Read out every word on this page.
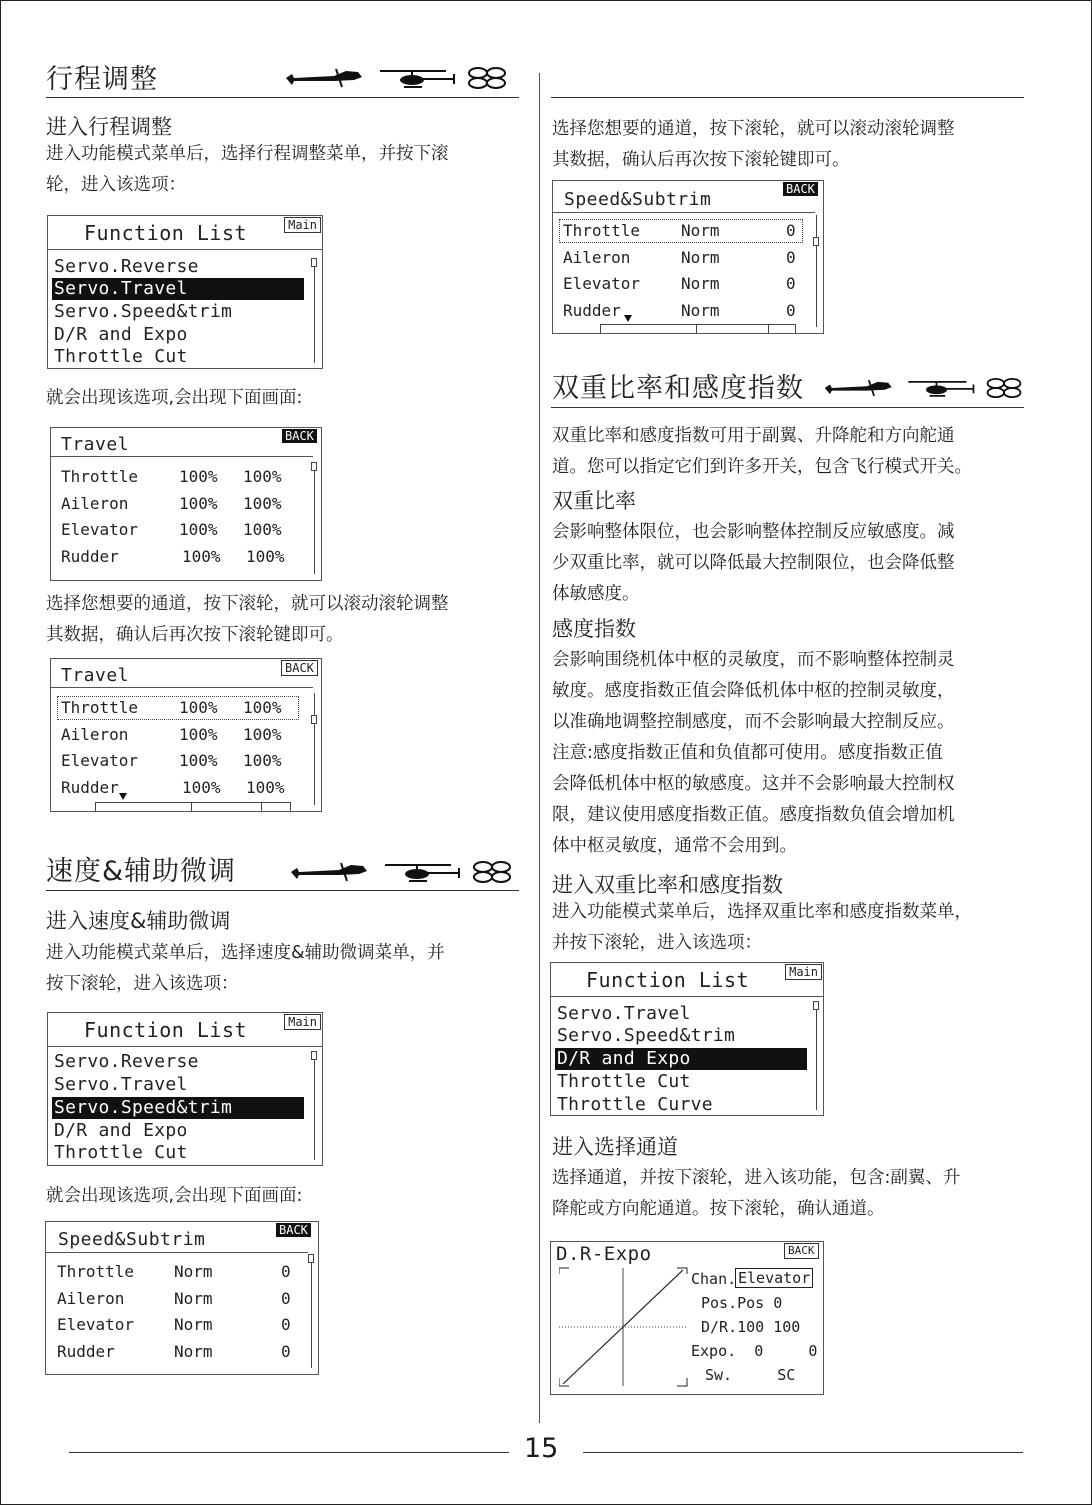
行程调整
进入行程调整
进入功能模式菜单后，选择行程调整菜单，并按下滚
轮，进入该选项：
Function List	Main
Servo.Reverse
Servo.Travel
Servo.Speed&trim
D/R and Expo
Throttle Cut
就会出现该选项,会出现下面画面:
Travel	BACK
Throttle	100% 100%
Aileron	100% 100%
Elevator	100% 100%
Rudder	100% 100%
选择您想要的通道，按下滚轮，就可以滚动滚轮调整
其数据，确认后再次按下滚轮键即可。
Travel	BACK
Throttle	100% 100%
Aileron	100% 100%
Elevator	100% 100%
Rudder	100% 100%
速度&辅助微调
进入速度&辅助微调
进入功能模式菜单后，选择速度&辅助微调菜单，并
按下滚轮，进入该选项：
Function List	Main
Servo.Reverse
Servo.Travel
Servo.Speed&trim
D/R and Expo
Throttle Cut
就会出现该选项,会出现下面画面:
Speed&Subtrim	BACK
Throttle Norm	0
Aileron	Norm	0
Elevator Norm	0
Rudder	Norm	0
选择您想要的通道，按下滚轮，就可以滚动滚轮调整
其数据，确认后再次按下滚轮键即可。
Speed&Subtrim	BACK
Throttle	Norm	0
Aileron	Norm	0
Elevator	Norm	0
Rudder	Norm	0
双重比率和感度指数
双重比率和感度指数可用于副翼、升降舵和方向舵通
道。您可以指定它们到许多开关，包含飞行模式开关。
双重比率
会影响整体限位，也会影响整体控制反应敏感度。减
少双重比率，就可以降低最大控制限位，也会降低整
体敏感度。
感度指数
会影响围绕机体中枢的灵敏度，而不影响整体控制灵
敏度。感度指数正值会降低机体中枢的控制灵敏度，
以准确地调整控制感度，而不会影响最大控制反应。
注意:感度指数正值和负值都可使用。感度指数正值
会降低机体中枢的敏感度。这并不会影响最大控制权
限，建议使用感度指数正值。感度指数负值会增加机
体中枢灵敏度，通常不会用到。
进入双重比率和感度指数
进入功能模式菜单后，选择双重比率和感度指数菜单，
并按下滚轮，进入该选项：
Function List	Main
Servo.Travel
Servo.Speed&trim
D/R and Expo
Throttle Cut
Throttle Curve
进入选择通道
选择通道，并按下滚轮，进入该功能，包含:副翼、升
降舵或方向舵通道。按下滚轮，确认通道。
D.R-Expo	BACK
Chan. Elevator
Pos.Pos 0
D/R.100 100
Expo.  0     0
Sw.     SC
15
